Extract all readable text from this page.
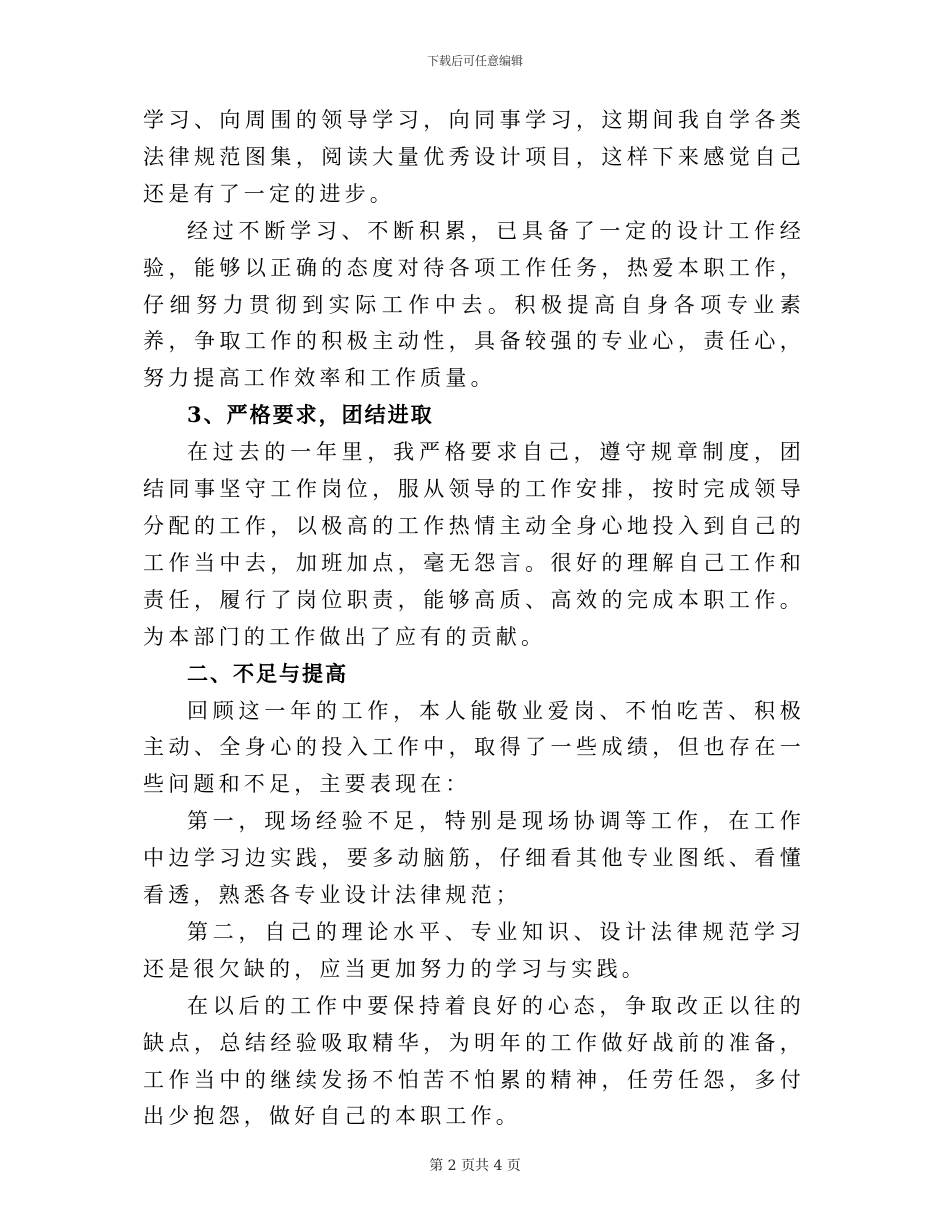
下载后可任意编辑

学习、向周围的领导学习，向同事学习，这期间我自学各类法律规范图集，阅读大量优秀设计项目，这样下来感觉自己还是有了一定的进步。

经过不断学习、不断积累，已具备了一定的设计工作经验，能够以正确的态度对待各项工作任务，热爱本职工作，仔细努力贯彻到实际工作中去。积极提高自身各项专业素养，争取工作的积极主动性，具备较强的专业心，责任心，努力提高工作效率和工作质量。

3、严格要求，团结进取

在过去的一年里，我严格要求自己，遵守规章制度，团结同事坚守工作岗位，服从领导的工作安排，按时完成领导分配的工作，以极高的工作热情主动全身心地投入到自己的工作当中去，加班加点，毫无怨言。很好的理解自己工作和责任，履行了岗位职责，能够高质、高效的完成本职工作。为本部门的工作做出了应有的贡献。

二、不足与提高

回顾这一年的工作，本人能敬业爱岗、不怕吃苦、积极主动、全身心的投入工作中，取得了一些成绩，但也存在一些问题和不足，主要表现在：

第一，现场经验不足，特别是现场协调等工作，在工作中边学习边实践，要多动脑筋，仔细看其他专业图纸、看懂看透，熟悉各专业设计法律规范；

第二，自己的理论水平、专业知识、设计法律规范学习还是很欠缺的，应当更加努力的学习与实践。

在以后的工作中要保持着良好的心态，争取改正以往的缺点，总结经验吸取精华，为明年的工作做好战前的准备，工作当中的继续发扬不怕苦不怕累的精神，任劳任怨，多付出少抱怨，做好自己的本职工作。

第 2 页共 4 页
